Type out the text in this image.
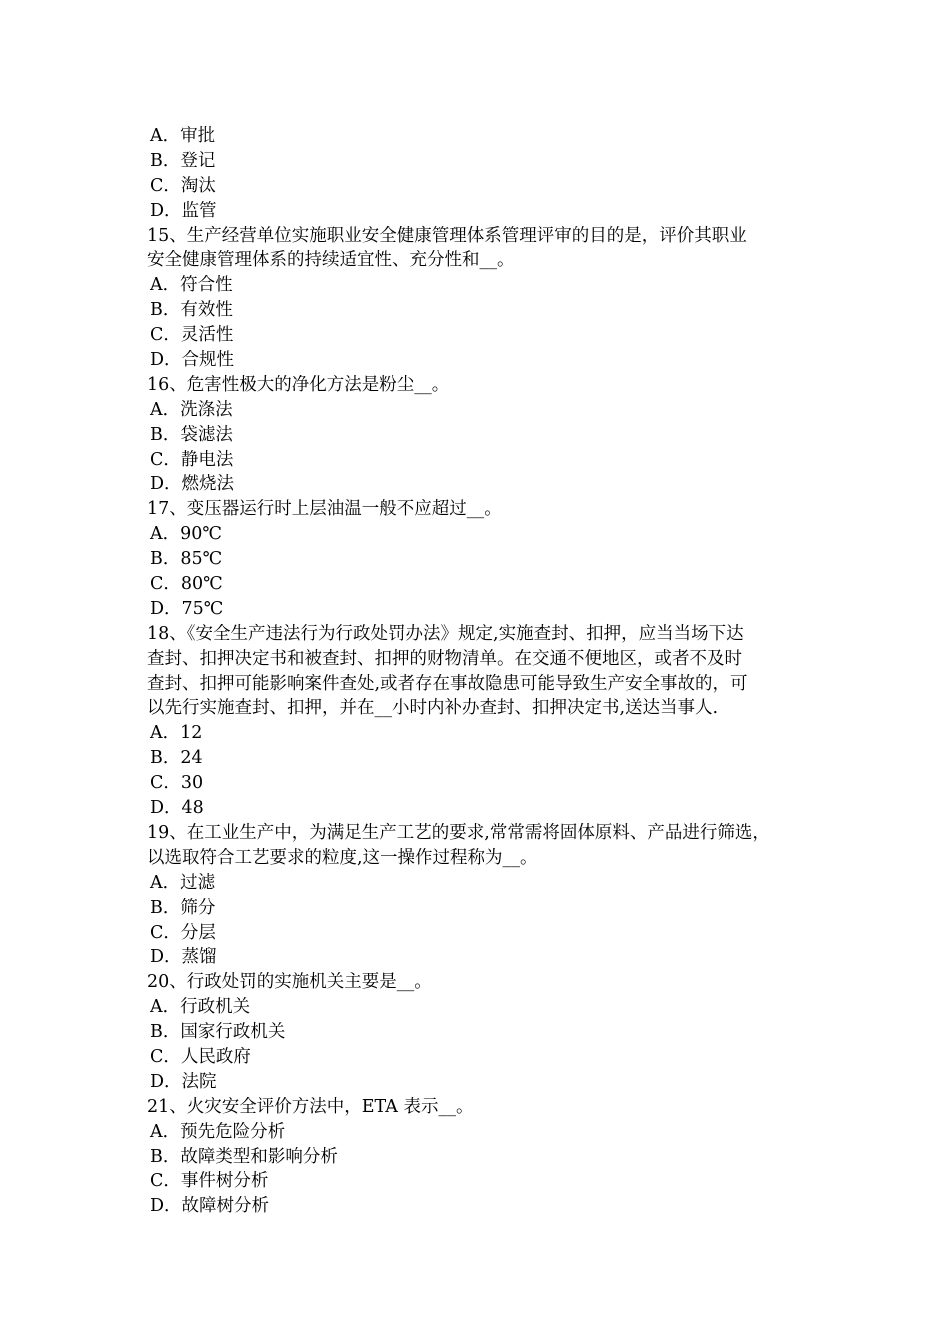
A．审批
B．登记
C．淘汰
D．监管
15、生产经营单位实施职业安全健康管理体系管理评审的目的是，评价其职业
安全健康管理体系的持续适宜性、充分性和__。
A．符合性
B．有效性
C．灵活性
D．合规性
16、危害性极大的净化方法是粉尘__。
A．洗涤法
B．袋滤法
C．静电法
D．燃烧法
17、变压器运行时上层油温一般不应超过__。
A．90℃
B．85℃
C．80℃
D．75℃
18、《安全生产违法行为行政处罚办法》规定,实施查封、扣押，应当当场下达
查封、扣押决定书和被查封、扣押的财物清单。在交通不便地区，或者不及时
查封、扣押可能影响案件查处,或者存在事故隐患可能导致生产安全事故的，可
以先行实施查封、扣押，并在__小时内补办查封、扣押决定书,送达当事人.
A．12
B．24
C．30
D．48
19、在工业生产中，为满足生产工艺的要求,常常需将固体原料、产品进行筛选，
以选取符合工艺要求的粒度,这一操作过程称为__。
A．过滤
B．筛分
C．分层
D．蒸馏
20、行政处罚的实施机关主要是__。
A．行政机关
B．国家行政机关
C．人民政府
D．法院
21、火灾安全评价方法中，ETA 表示__。
A．预先危险分析
B．故障类型和影响分析
C．事件树分析
D．故障树分析
